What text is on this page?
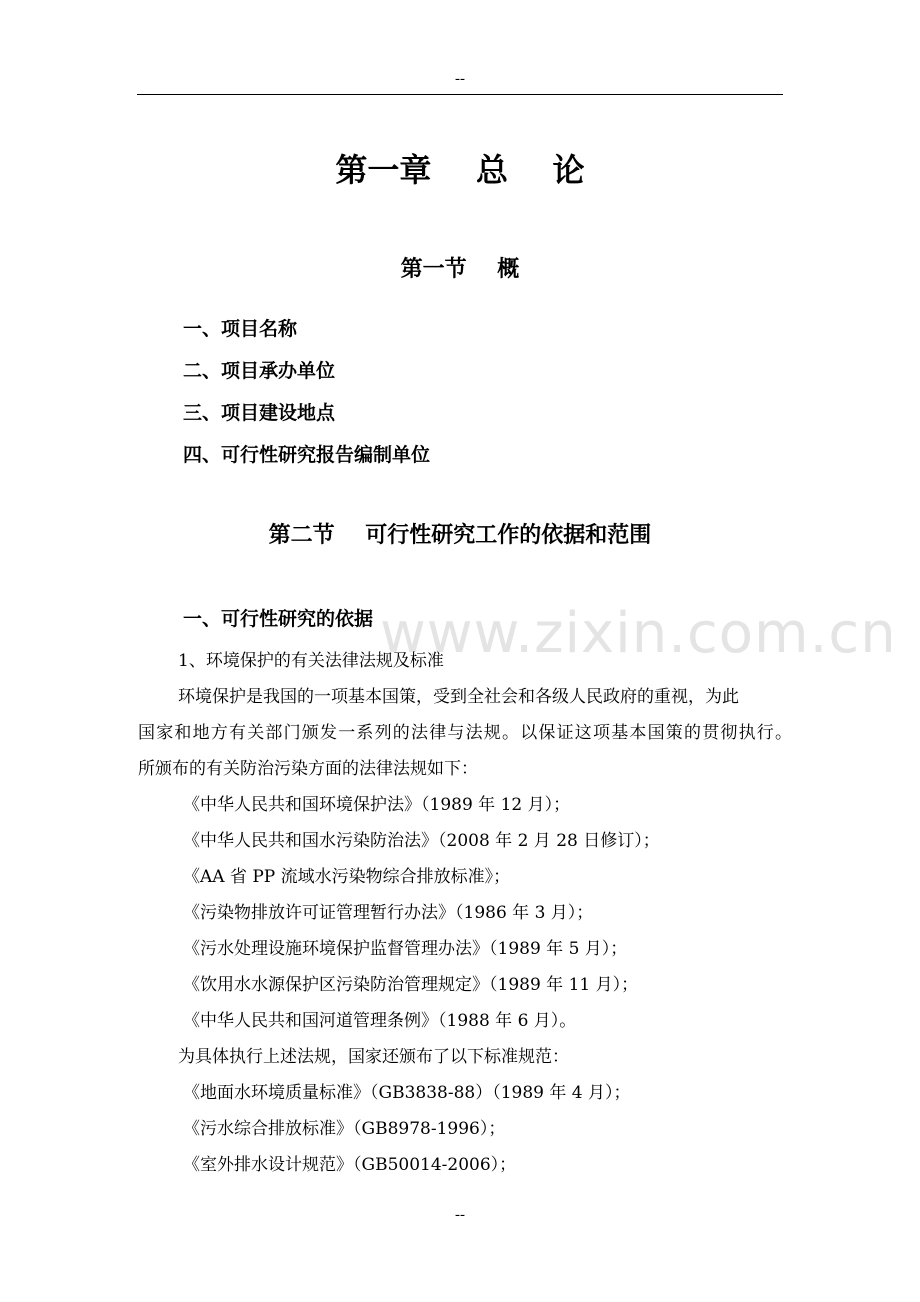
--
www.zixin.com.cn
第一章    总    论
第一节    概
一、项目名称
二、项目承办单位
三、项目建设地点
四、可行性研究报告编制单位
第二节    可行性研究工作的依据和范围
一、可行性研究的依据
1、环境保护的有关法律法规及标准
环境保护是我国的一项基本国策，受到全社会和各级人民政府的重视，为此
国家和地方有关部门颁发一系列的法律与法规。以保证这项基本国策的贯彻执行。
所颁布的有关防治污染方面的法律法规如下：
《中华人民共和国环境保护法》（1989 年 12 月）；
《中华人民共和国水污染防治法》（2008 年 2 月 28 日修订）；
《AA 省 PP 流域水污染物综合排放标准》；
《污染物排放许可证管理暂行办法》（1986 年 3 月）；
《污水处理设施环境保护监督管理办法》（1989 年 5 月）；
《饮用水水源保护区污染防治管理规定》（1989 年 11 月）；
《中华人民共和国河道管理条例》（1988 年 6 月）。
为具体执行上述法规，国家还颁布了以下标准规范：
《地面水环境质量标准》（GB3838-88）（1989 年 4 月）；
《污水综合排放标准》（GB8978-1996）；
《室外排水设计规范》（GB50014-2006）；
--
